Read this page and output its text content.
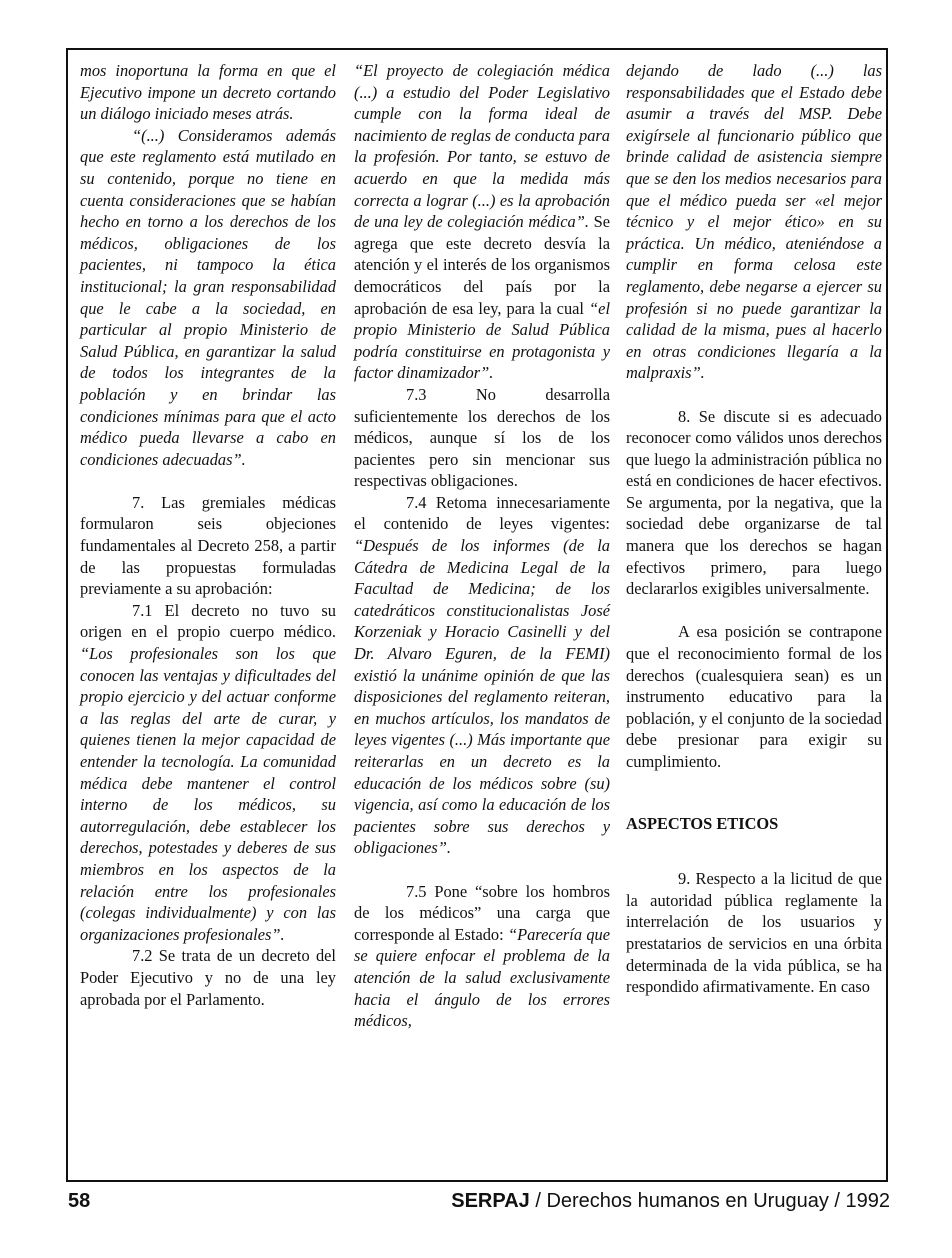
mos inoportuna la forma en que el Ejecutivo impone un decreto cortando un diálogo iniciado meses atrás.

“(...) Consideramos además que este reglamento está mutilado en su contenido, porque no tiene en cuenta consideraciones que se habían hecho en torno a los derechos de los médicos, obligaciones de los pacientes, ni tampoco la ética institucional; la gran responsabilidad que le cabe a la sociedad, en particular al propio Ministerio de Salud Pública, en garantizar la salud de todos los integrantes de la población y en brindar las condiciones mínimas para que el acto médico pueda llevarse a cabo en condiciones adecuadas”.

7. Las gremiales médicas formularon seis objeciones fundamentales al Decreto 258, a partir de las propuestas formuladas previamente a su aprobación:

7.1 El decreto no tuvo su origen en el propio cuerpo médico. “Los profesionales son los que conocen las ventajas y dificultades del propio ejercicio y del actuar conforme a las reglas del arte de curar, y quienes tienen la mejor capacidad de entender la tecnología. La comunidad médica debe mantener el control interno de los médicos, su autorregulación, debe establecer los derechos, potestades y deberes de sus miembros en los aspectos de la relación entre los profesionales (colegas individualmente) y con las organizaciones profesionales”.

7.2 Se trata de un decreto del Poder Ejecutivo y no de una ley aprobada por el Parlamento.

“El proyecto de colegiación médica (...) a estudio del Poder Legislativo cumple con la forma ideal de nacimiento de reglas de conducta para la profesión. Por tanto, se estuvo de acuerdo en que la medida más correcta a lograr (...) es la aprobación de una ley de colegiación médica”. Se agrega que este decreto desvía la atención y el interés de los organismos democráticos del país por la aprobación de esa ley, para la cual “el propio Ministerio de Salud Pública podría constituirse en protagonista y factor dinamizador”.

7.3 No desarrolla suficientemente los derechos de los médicos, aunque sí los de los pacientes pero sin mencionar sus respectivas obligaciones.

7.4 Retoma innecesariamente el contenido de leyes vigentes: “Después de los informes (de la Cátedra de Medicina Legal de la Facultad de Medicina; de los catedráticos constitucionalistas José Korzeniak y Horacio Casinelli y del Dr. Alvaro Eguren, de la FEMI) existió la unánime opinión de que las disposiciones del reglamento reiteran, en muchos artículos, los mandatos de leyes vigentes (...) Más importante que reiterarlas en un decreto es la educación de los médicos sobre (su) vigencia, así como la educación de los pacientes sobre sus derechos y obligaciones”.

7.5 Pone “sobre los hombros de los médicos” una carga que corresponde al Estado: “Parecería que se quiere enfocar el problema de la atención de la salud exclusivamente hacia el ángulo de los errores médicos,

dejando de lado (...) las responsabilidades que el Estado debe asumir a través del MSP. Debe exigírsele al funcionario público que brinde calidad de asistencia siempre que se den los medios necesarios para que el médico pueda ser «el mejor técnico y el mejor ético» en su práctica. Un médico, ateniéndose a cumplir en forma celosa este reglamento, debe negarse a ejercer su profesión si no puede garantizar la calidad de la misma, pues al hacerlo en otras condiciones llegaría a la malpraxis”.

8. Se discute si es adecuado reconocer como válidos unos derechos que luego la administración pública no está en condiciones de hacer efectivos. Se argumenta, por la negativa, que la sociedad debe organizarse de tal manera que los derechos se hagan efectivos primero, para luego declararlos exigibles universalmente.

A esa posición se contrapone que el reconocimiento formal de los derechos (cualesquiera sean) es un instrumento educativo para la población, y el conjunto de la sociedad debe presionar para exigir su cumplimiento.

ASPECTOS ETICOS

9. Respecto a la licitud de que la autoridad pública reglamente la interrelación de los usuarios y prestatarios de servicios en una órbita determinada de la vida pública, se ha respondido afirmativamente. En caso

58	SERPAJ / Derechos humanos en Uruguay / 1992
